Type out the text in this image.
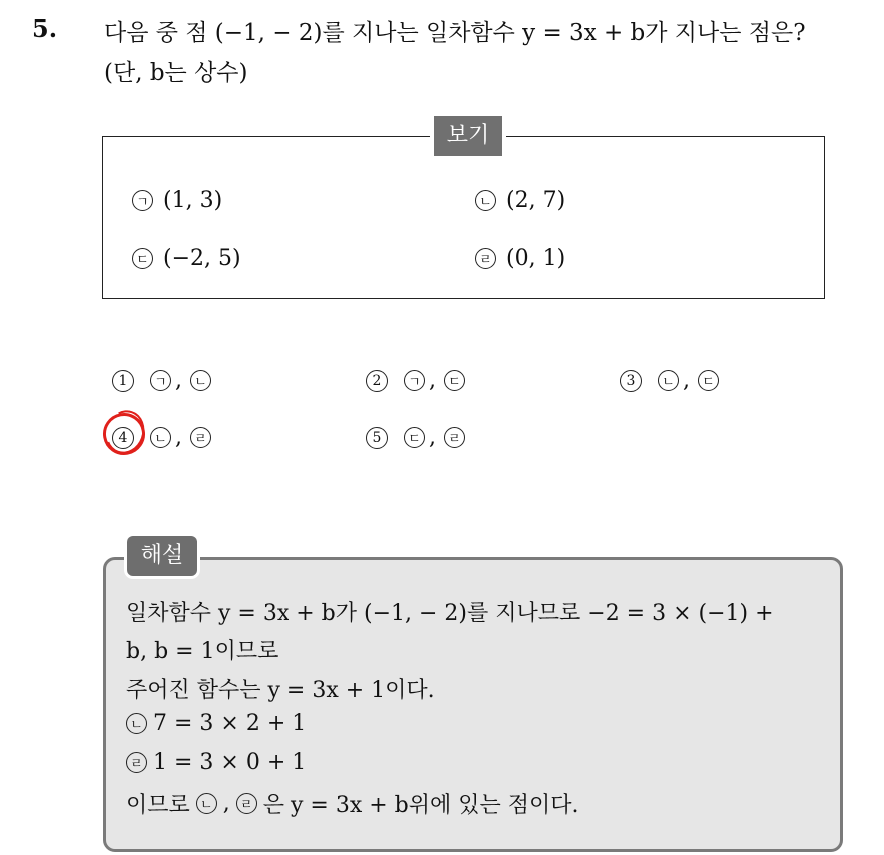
5. 다음 중 점 (−1, − 2)를 지나는 일차함수 y = 3x + b가 지나는 점은?
(단, b는 상수)
보기
ㄱ (1, 3)	ㄴ (2, 7)
ㄷ (−2, 5)	ㄹ (0, 1)
1	ㄱ , ㄴ	2	ㄱ , ㄷ	3	ㄴ , ㄷ
4	ㄴ , ㄹ	5	ㄷ , ㄹ
해설
일차함수 y = 3x + b가 (−1, − 2)를 지나므로 −2 = 3 × (−1) +
b, b = 1이므로
주어진 함수는 y = 3x + 1이다.
ㄴ 7 = 3 × 2 + 1
ㄹ 1 = 3 × 0 + 1
이므로 ㄴ , ㄹ 은 y = 3x + b위에 있는 점이다.
